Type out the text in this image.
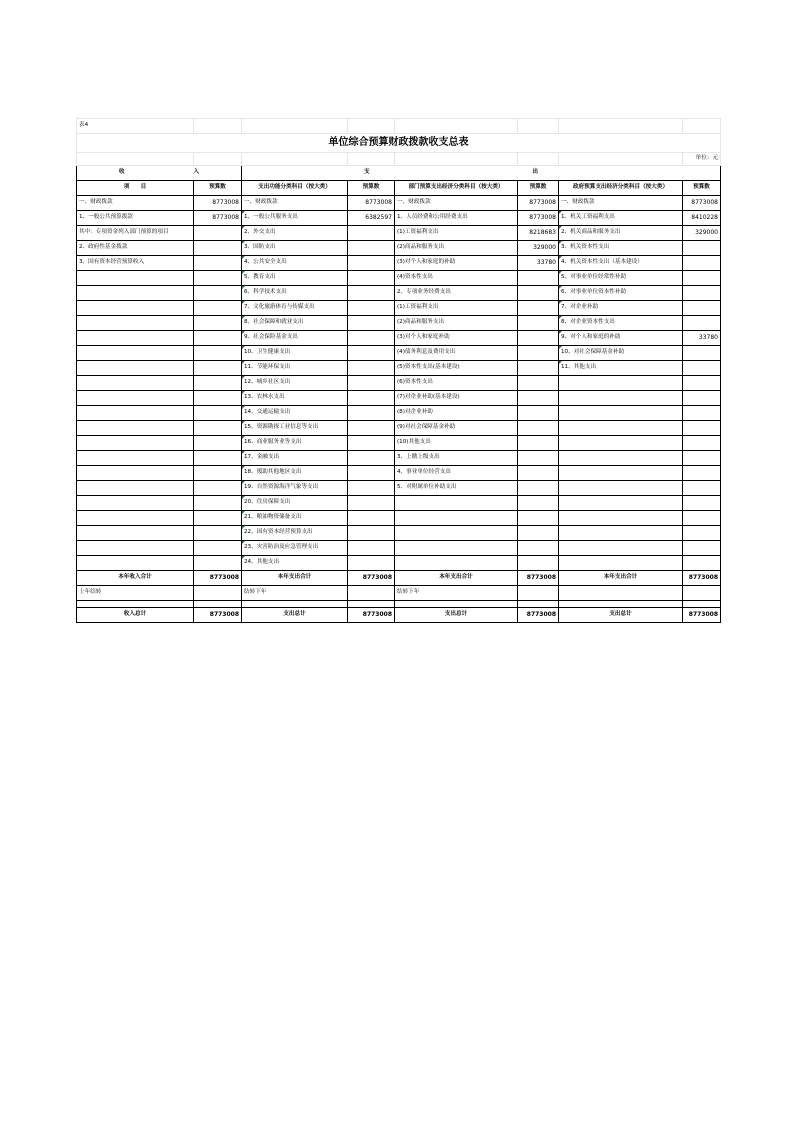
表4							
单位综合预算财政拨款收支总表							
							单位：元

收 入		支 出					

项　　目	预算数	支出功能分类科目（按大类）	预算数	部门预算支出经济分类科目（按大类）	预算数	政府预算支出经济分类科目（按大类）	预算数
一、财政拨款	8773008	一、财政拨款	8773008	一、财政拨款	8773008	一、财政拨款	8773008
1、一般公共预算拨款	8773008	1、一般公共服务支出	6382597	1、人员经费和公用经费支出	8773008	1、机关工资福利支出	8410228
其中：专项资金列入部门预算的项目		2、外交支出		(1)工资福利支出	8218683	2、机关商品和服务支出	329000
2、政府性基金拨款		3、国防支出		(2)商品和服务支出	329000	3、机关资本性支出	
3、国有资本经营预算收入		4、公共安全支出		(3)对个人和家庭的补助	33780	4、机关资本性支出（基本建设）	
		5、教育支出		(4)资本性支出		5、对事业单位经常性补助	
		6、科学技术支出		2、专项业务经费支出		6、对事业单位资本性补助	
		7、文化旅游体育与传媒支出		(1)工资福利支出		7、对企业补助	
		8、社会保障和就业支出		(2)商品和服务支出		8、对企业资本性支出	
		9、社会保险基金支出		(3)对个人和家庭补助		9、对个人和家庭的补助	33780
		10、卫生健康支出		(4)债务利息及费用支出		10、对社会保障基金补助	
		11、节能环保支出		(5)资本性支出(基本建设)		11、其他支出	
		12、城乡社区支出		(6)资本性支出			
		13、农林水支出		(7)对企业补助(基本建设)			
		14、交通运输支出		(8)对企业补助			
		15、资源勘探工业信息等支出		(9)对社会保障基金补助			
		16、商业服务业等支出		(10)其他支出			
		17、金融支出		3、上缴上级支出			
		18、援助其他地区支出		4、事业单位经营支出			
		19、自然资源海洋气象等支出		5、对附属单位补助支出			
		20、住房保障支出					
		21、粮油物资储备支出					
		22、国有资本经营预算支出					
		23、灾害防治及应急管理支出					
		24、其他支出					
本年收入合计	8773008	本年支出合计	8773008	本年支出合计	8773008	本年支出合计	8773008
上年结转		结转下年		结转下年			

收入总计	8773008	支出总计	8773008	支出总计	8773008	支出总计	8773008
